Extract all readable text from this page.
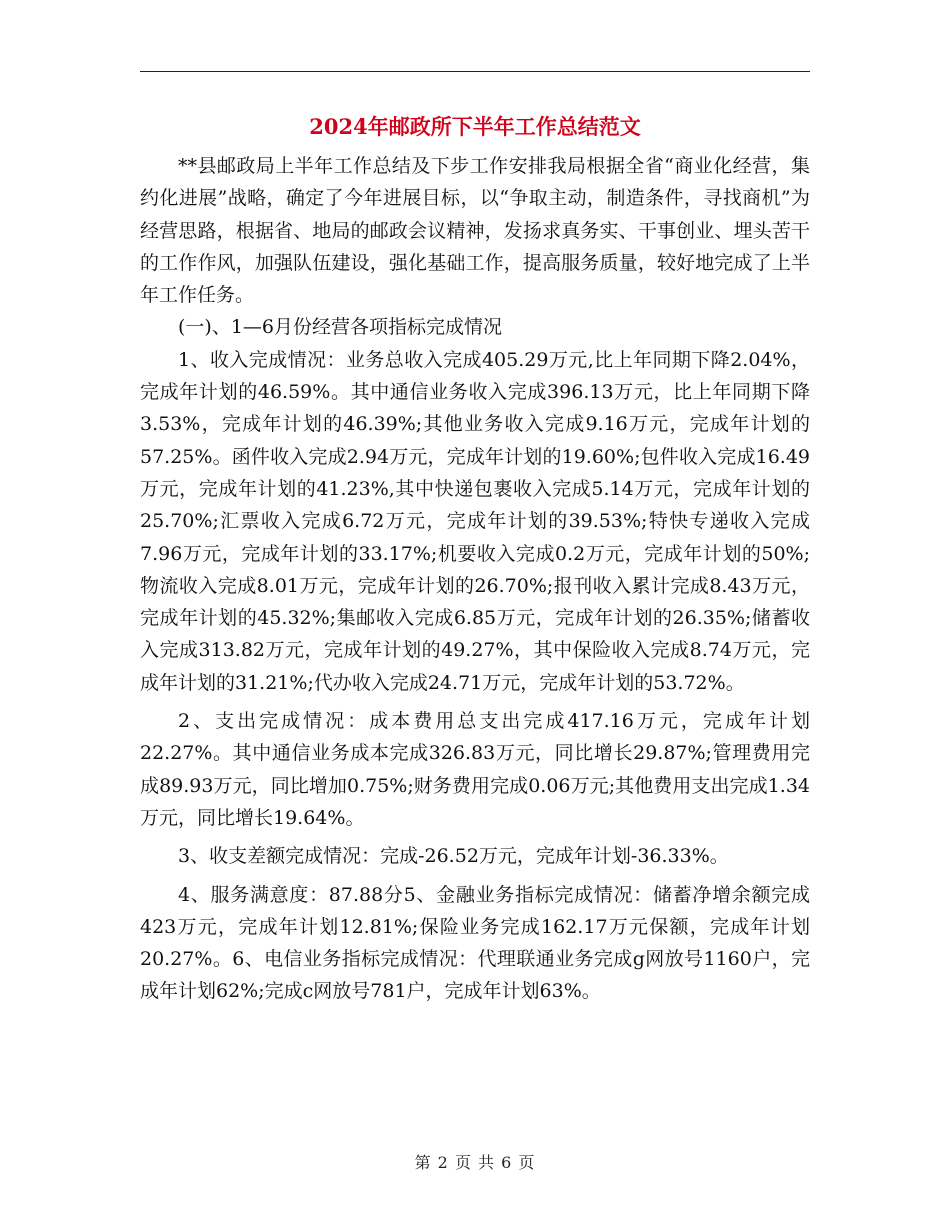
2024年邮政所下半年工作总结范文

**县邮政局上半年工作总结及下步工作安排我局根据全省“商业化经营，集约化进展”战略，确定了今年进展目标，以“争取主动，制造条件，寻找商机”为经营思路，根据省、地局的邮政会议精神，发扬求真务实、干事创业、埋头苦干的工作作风，加强队伍建设，强化基础工作，提高服务质量，较好地完成了上半年工作任务。

(一)、1—6月份经营各项指标完成情况

1、收入完成情况：业务总收入完成405.29万元,比上年同期下降2.04%，完成年计划的46.59%。其中通信业务收入完成396.13万元，比上年同期下降3.53%，完成年计划的46.39%;其他业务收入完成9.16万元，完成年计划的57.25%。函件收入完成2.94万元，完成年计划的19.60%;包件收入完成16.49万元，完成年计划的41.23%,其中快递包裹收入完成5.14万元，完成年计划的25.70%;汇票收入完成6.72万元，完成年计划的39.53%;特快专递收入完成7.96万元，完成年计划的33.17%;机要收入完成0.2万元，完成年计划的50%;物流收入完成8.01万元，完成年计划的26.70%;报刊收入累计完成8.43万元，完成年计划的45.32%;集邮收入完成6.85万元，完成年计划的26.35%;储蓄收入完成313.82万元，完成年计划的49.27%，其中保险收入完成8.74万元，完成年计划的31.21%;代办收入完成24.71万元，完成年计划的53.72%。

2、支出完成情况：成本费用总支出完成417.16万元，完成年计划22.27%。其中通信业务成本完成326.83万元，同比增长29.87%;管理费用完成89.93万元，同比增加0.75%;财务费用完成0.06万元;其他费用支出完成1.34万元，同比增长19.64%。

3、收支差额完成情况：完成-26.52万元，完成年计划-36.33%。

4、服务满意度：87.88分5、金融业务指标完成情况：储蓄净增余额完成423万元，完成年计划12.81%;保险业务完成162.17万元保额，完成年计划20.27%。6、电信业务指标完成情况：代理联通业务完成g网放号1160户，完成年计划62%;完成c网放号781户，完成年计划63%。

第 2 页 共 6 页
